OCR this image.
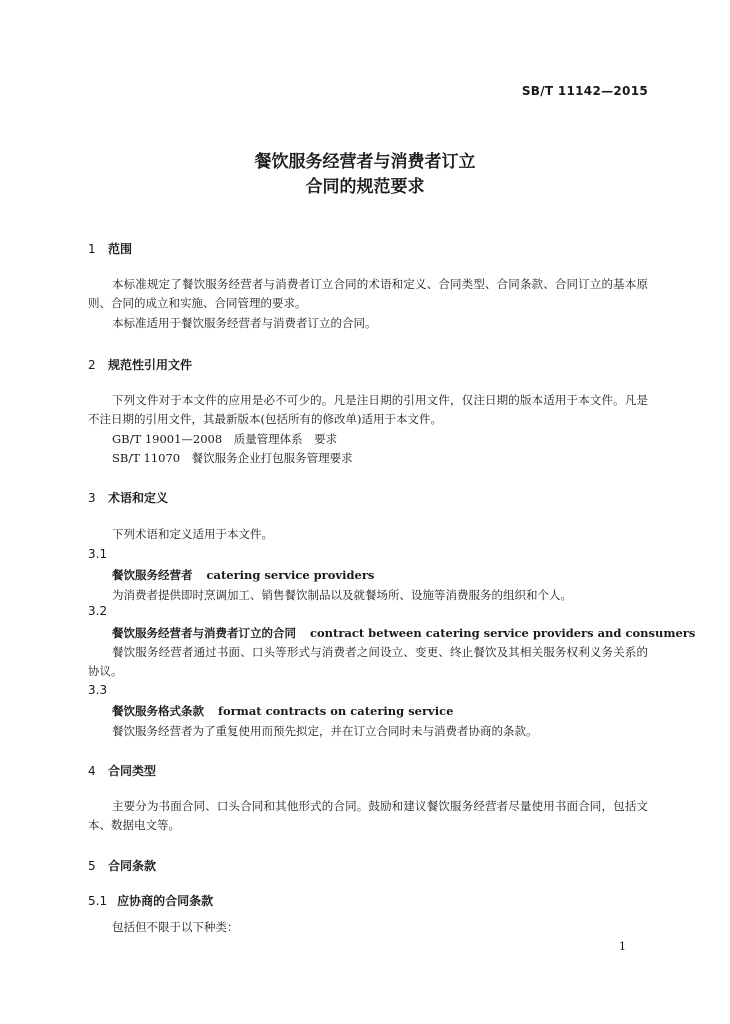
SB/T 11142—2015
餐饮服务经营者与消费者订立
合同的规范要求
1 范围
本标准规定了餐饮服务经营者与消费者订立合同的术语和定义、合同类型、合同条款、合同订立的基本原则、合同的成立和实施、合同管理的要求。
本标准适用于餐饮服务经营者与消费者订立的合同。
2 规范性引用文件
下列文件对于本文件的应用是必不可少的。凡是注日期的引用文件，仅注日期的版本适用于本文件。凡是不注日期的引用文件，其最新版本(包括所有的修改单)适用于本文件。
GB/T 19001—2008　质量管理体系　要求
SB/T 11070　餐饮服务企业打包服务管理要求
3 术语和定义
下列术语和定义适用于本文件。
3.1
餐饮服务经营者 catering service providers
为消费者提供即时烹调加工、销售餐饮制品以及就餐场所、设施等消费服务的组织和个人。
3.2
餐饮服务经营者与消费者订立的合同 contract between catering service providers and consumers
餐饮服务经营者通过书面、口头等形式与消费者之间设立、变更、终止餐饮及其相关服务权利义务关系的协议。
3.3
餐饮服务格式条款 format contracts on catering service
餐饮服务经营者为了重复使用而预先拟定，并在订立合同时未与消费者协商的条款。
4 合同类型
主要分为书面合同、口头合同和其他形式的合同。鼓励和建议餐饮服务经营者尽量使用书面合同，包括文本、数据电文等。
5 合同条款
5.1 应协商的合同条款
包括但不限于以下种类：
1
